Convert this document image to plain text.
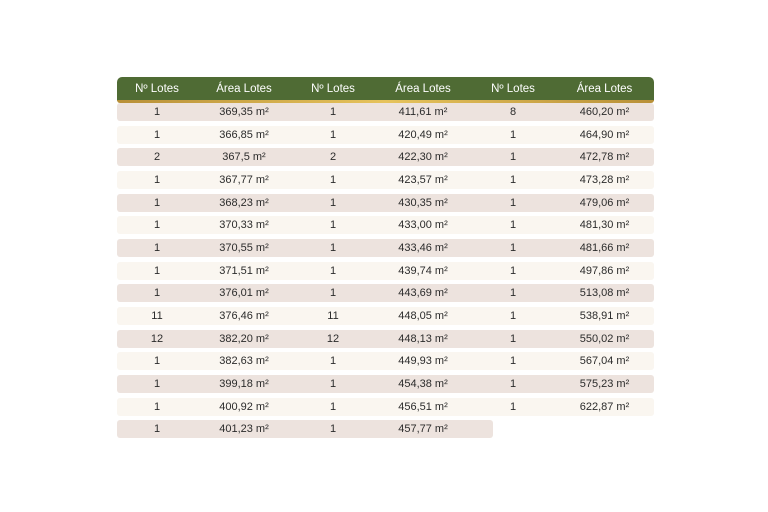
Nº Lotes	Área Lotes	Nº Lotes	Área Lotes	Nº Lotes	Área Lotes
1	369,35 m²	1	411,61 m²	8	460,20 m²
1	366,85 m²	1	420,49 m²	1	464,90 m²
2	367,5 m²	2	422,30 m²	1	472,78 m²
1	367,77 m²	1	423,57 m²	1	473,28 m²
1	368,23 m²	1	430,35 m²	1	479,06 m²
1	370,33 m²	1	433,00 m²	1	481,30 m²
1	370,55 m²	1	433,46 m²	1	481,66 m²
1	371,51 m²	1	439,74 m²	1	497,86 m²
1	376,01 m²	1	443,69 m²	1	513,08 m²
11	376,46 m²	11	448,05 m²	1	538,91 m²
12	382,20 m²	12	448,13 m²	1	550,02 m²
1	382,63 m²	1	449,93 m²	1	567,04 m²
1	399,18 m²	1	454,38 m²	1	575,23 m²
1	400,92 m²	1	456,51 m²	1	622,87 m²
1	401,23 m²	1	457,77 m²
